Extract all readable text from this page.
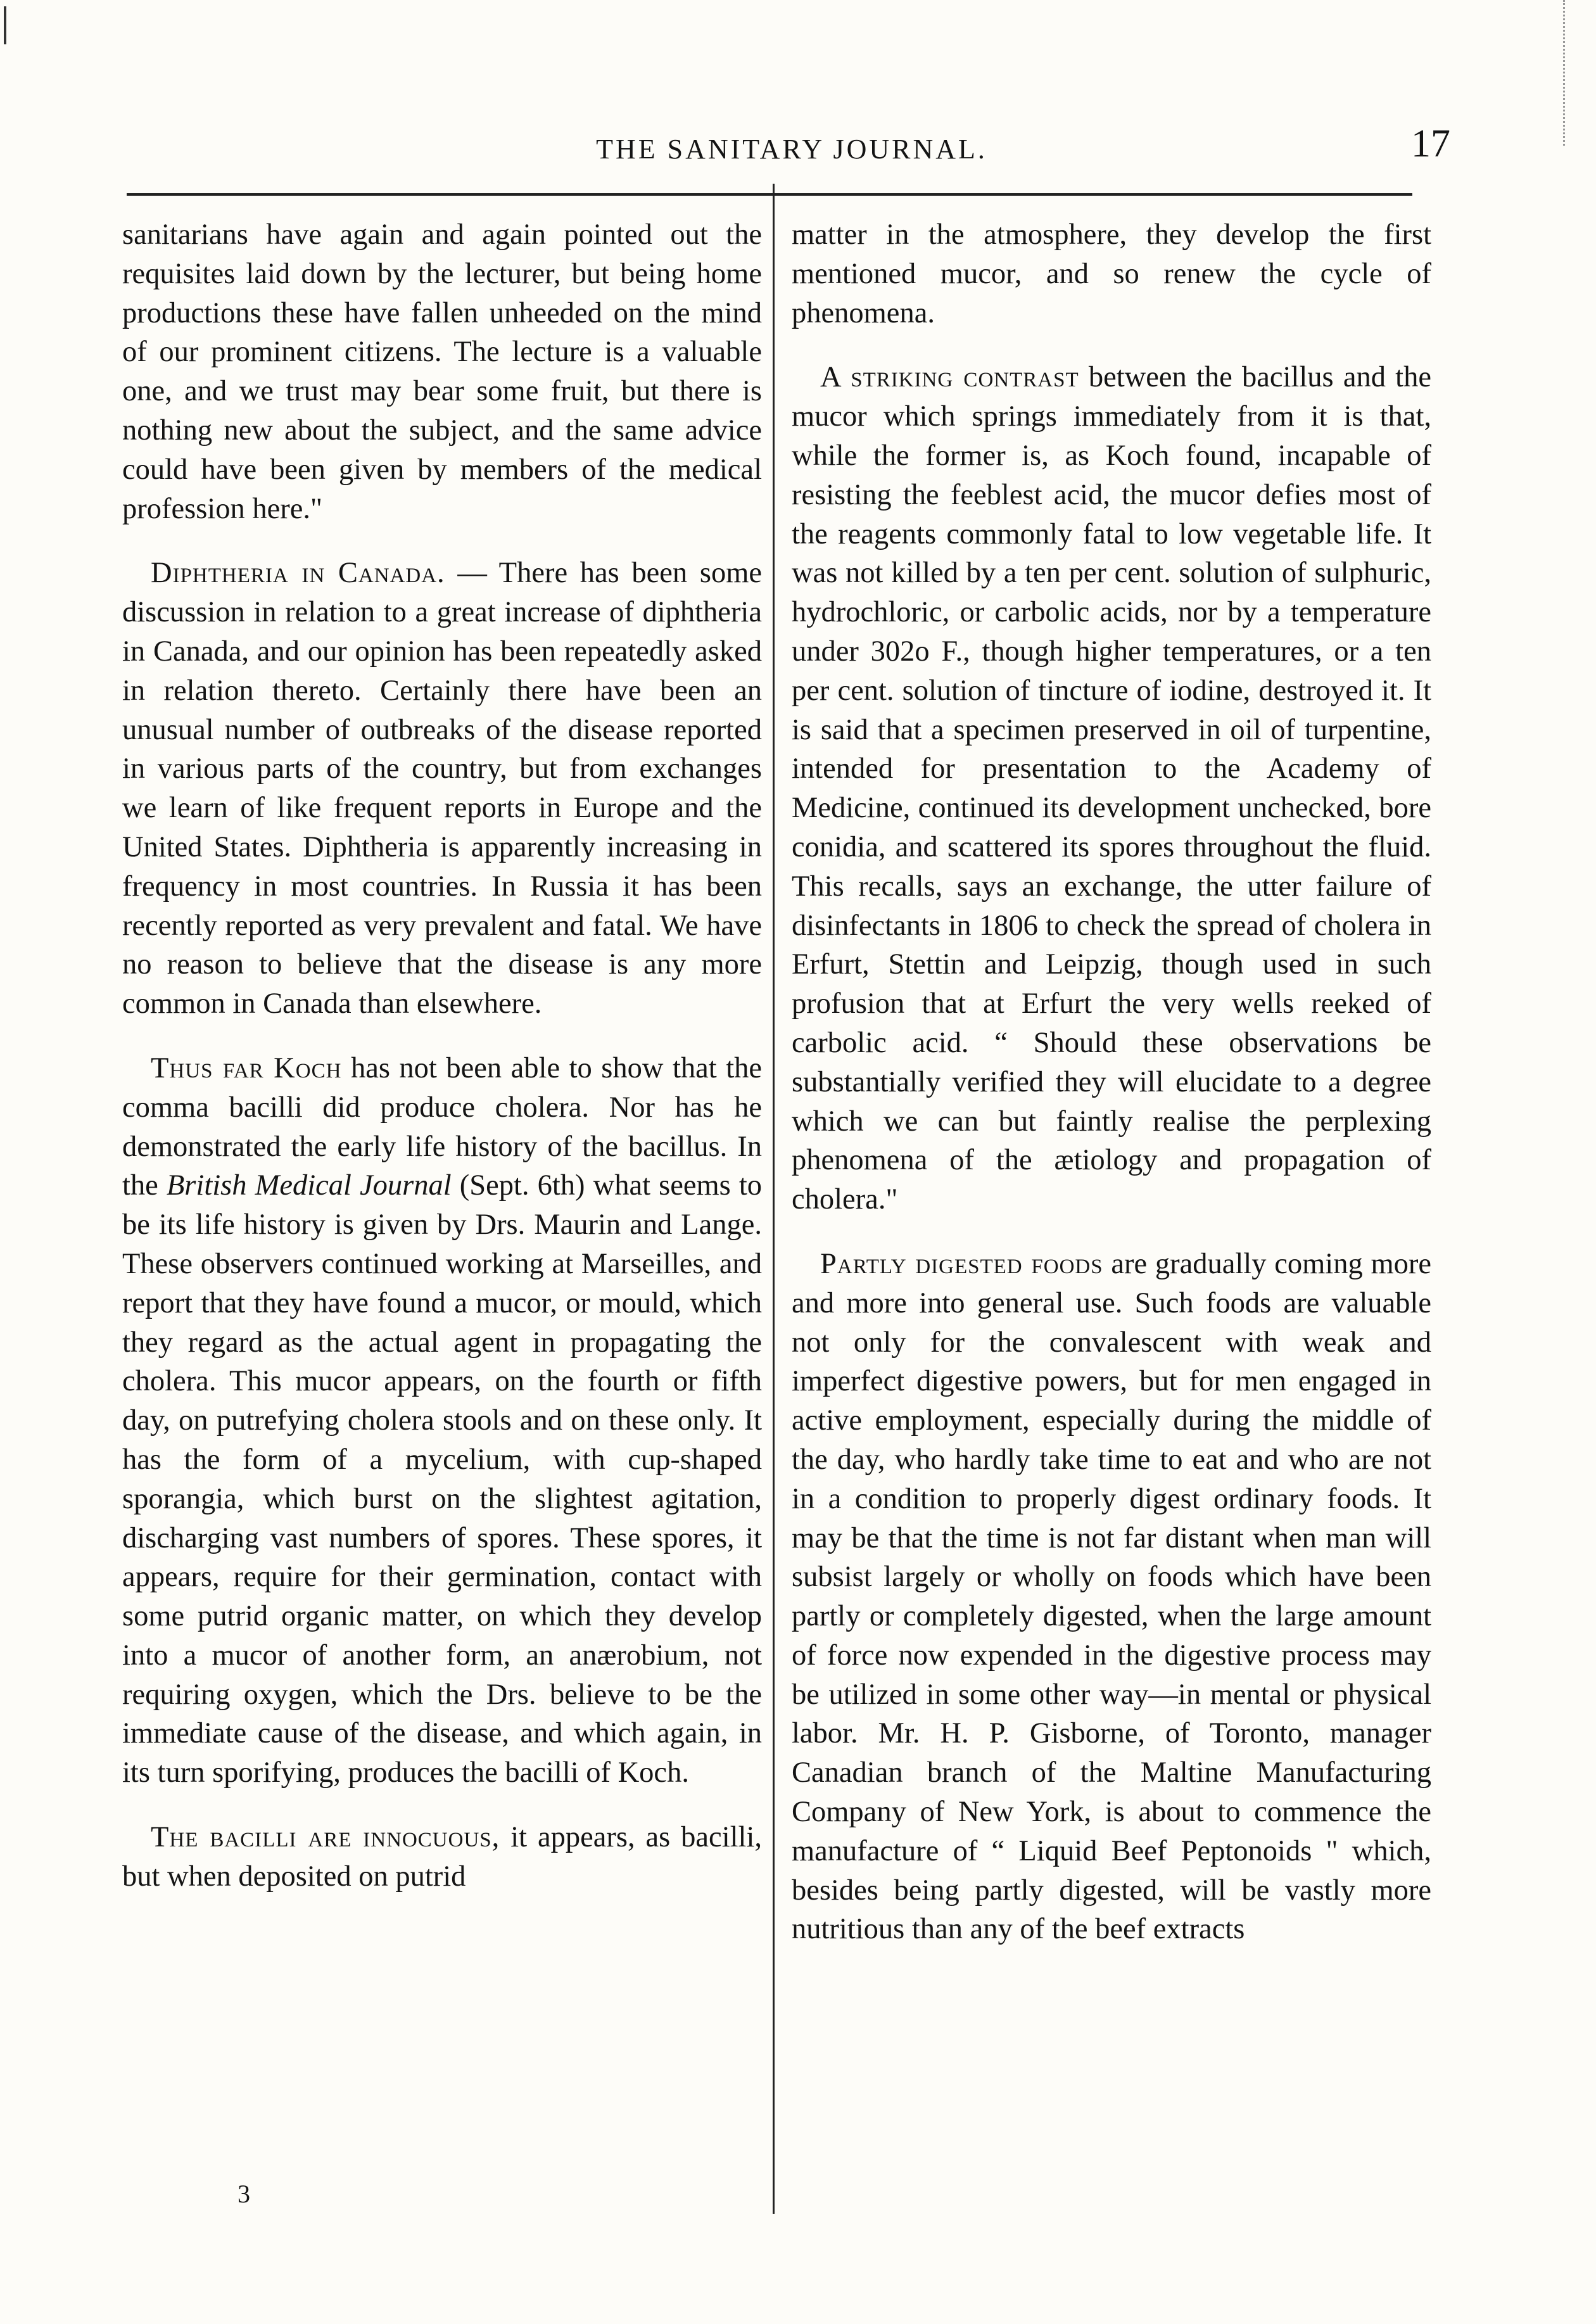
THE SANITARY JOURNAL.	17

sanitarians have again and again pointed out the requisites laid down by the lecturer, but being home productions these have fallen unheeded on the mind of our prominent citizens. The lecture is a valuable one, and we trust may bear some fruit, but there is nothing new about the subject, and the same advice could have been given by members of the medical profession here."

Diphtheria in Canada. — There has been some discussion in relation to a great increase of diphtheria in Canada, and our opinion has been repeatedly asked in relation thereto. Certainly there have been an unusual number of outbreaks of the disease reported in various parts of the country, but from exchanges we learn of like frequent reports in Europe and the United States. Diphtheria is apparently increasing in frequency in most countries. In Russia it has been recently reported as very prevalent and fatal. We have no reason to believe that the disease is any more common in Canada than elsewhere.

Thus far Koch has not been able to show that the comma bacilli did produce cholera. Nor has he demonstrated the early life history of the bacillus. In the British Medical Journal (Sept. 6th) what seems to be its life history is given by Drs. Maurin and Lange. These observers continued working at Marseilles, and report that they have found a mucor, or mould, which they regard as the actual agent in propagating the cholera. This mucor appears, on the fourth or fifth day, on putrefying cholera stools and on these only. It has the form of a mycelium, with cup-shaped sporangia, which burst on the slightest agitation, discharging vast numbers of spores. These spores, it appears, require for their germination, contact with some putrid organic matter, on which they develop into a mucor of another form, an anærobium, not requiring oxygen, which the Drs. believe to be the immediate cause of the disease, and which again, in its turn sporifying, produces the bacilli of Koch.

The bacilli are innocuous, it appears, as bacilli, but when deposited on putrid

3

matter in the atmosphere, they develop the first mentioned mucor, and so renew the cycle of phenomena.

A striking contrast between the bacillus and the mucor which springs immediately from it is that, while the former is, as Koch found, incapable of resisting the feeblest acid, the mucor defies most of the reagents commonly fatal to low vegetable life. It was not killed by a ten per cent. solution of sulphuric, hydrochloric, or carbolic acids, nor by a temperature under 302o F., though higher temperatures, or a ten per cent. solution of tincture of iodine, destroyed it. It is said that a specimen preserved in oil of turpentine, intended for presentation to the Academy of Medicine, continued its development unchecked, bore conidia, and scattered its spores throughout the fluid. This recalls, says an exchange, the utter failure of disinfectants in 1806 to check the spread of cholera in Erfurt, Stettin and Leipzig, though used in such profusion that at Erfurt the very wells reeked of carbolic acid. “ Should these observations be substantially verified they will elucidate to a degree which we can but faintly realise the perplexing phenomena of the ætiology and propagation of cholera."

Partly digested foods are gradually coming more and more into general use. Such foods are valuable not only for the convalescent with weak and imperfect digestive powers, but for men engaged in active employment, especially during the middle of the day, who hardly take time to eat and who are not in a condition to properly digest ordinary foods. It may be that the time is not far distant when man will subsist largely or wholly on foods which have been partly or completely digested, when the large amount of force now expended in the digestive process may be utilized in some other way—in mental or physical labor. Mr. H. P. Gisborne, of Toronto, manager Canadian branch of the Maltine Manufacturing Company of New York, is about to commence the manufacture of “ Liquid Beef Peptonoids " which, besides being partly digested, will be vastly more nutritious than any of the beef extracts
